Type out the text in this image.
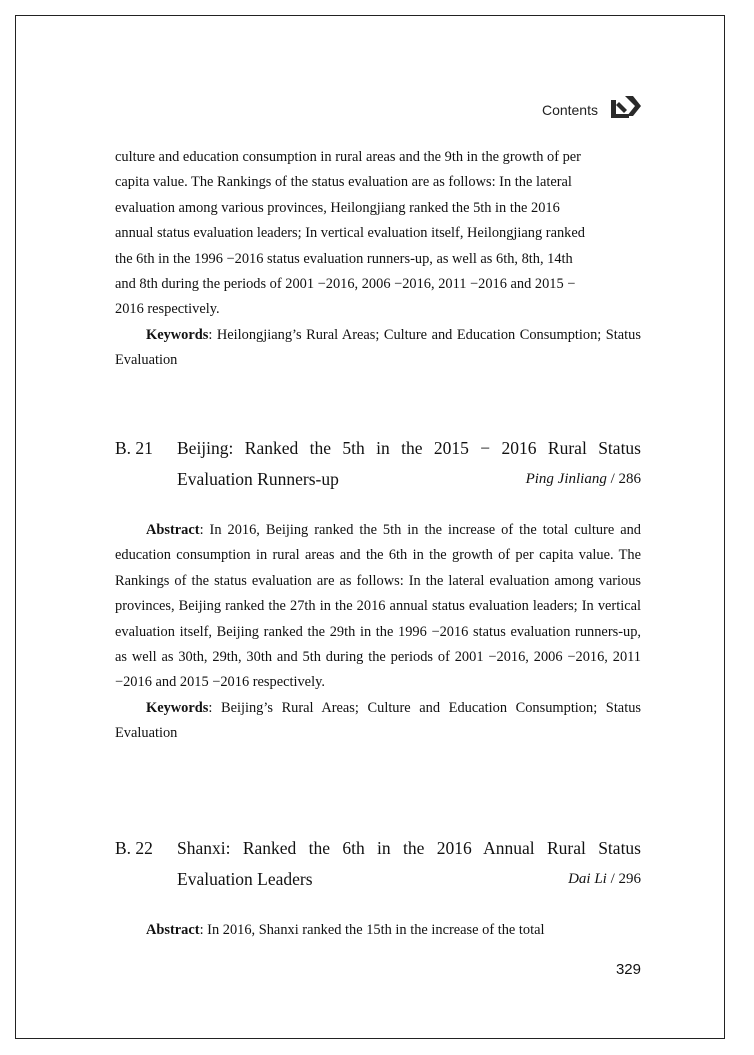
Contents
culture and education consumption in rural areas and the 9th in the growth of per
capita value. The Rankings of the status evaluation are as follows: In the lateral
evaluation among various provinces, Heilongjiang ranked the 5th in the 2016
annual status evaluation leaders; In vertical evaluation itself, Heilongjiang ranked
the 6th in the 1996 −2016 status evaluation runners-up, as well as 6th, 8th, 14th
and 8th during the periods of 2001 −2016, 2006 −2016, 2011 −2016 and 2015 −
2016 respectively.

Keywords: Heilongjiang’s Rural Areas; Culture and Education Consumption; Status Evaluation

B. 21 Beijing: Ranked the 5th in the 2015 − 2016 Rural Status
Evaluation Runners-up	Ping Jinliang / 286

Abstract: In 2016, Beijing ranked the 5th in the increase of the total culture and education consumption in rural areas and the 6th in the growth of per capita value. The Rankings of the status evaluation are as follows: In the lateral evaluation among various provinces, Beijing ranked the 27th in the 2016 annual status evaluation leaders; In vertical evaluation itself, Beijing ranked the 29th in the 1996 −2016 status evaluation runners-up, as well as 30th, 29th, 30th and 5th during the periods of 2001 −2016, 2006 −2016, 2011 −2016 and 2015 −2016 respectively.

Keywords: Beijing’s Rural Areas; Culture and Education Consumption; Status Evaluation

B. 22 Shanxi: Ranked the 6th in the 2016 Annual Rural Status
Evaluation Leaders	Dai Li / 296

Abstract: In 2016, Shanxi ranked the 15th in the increase of the total

329
